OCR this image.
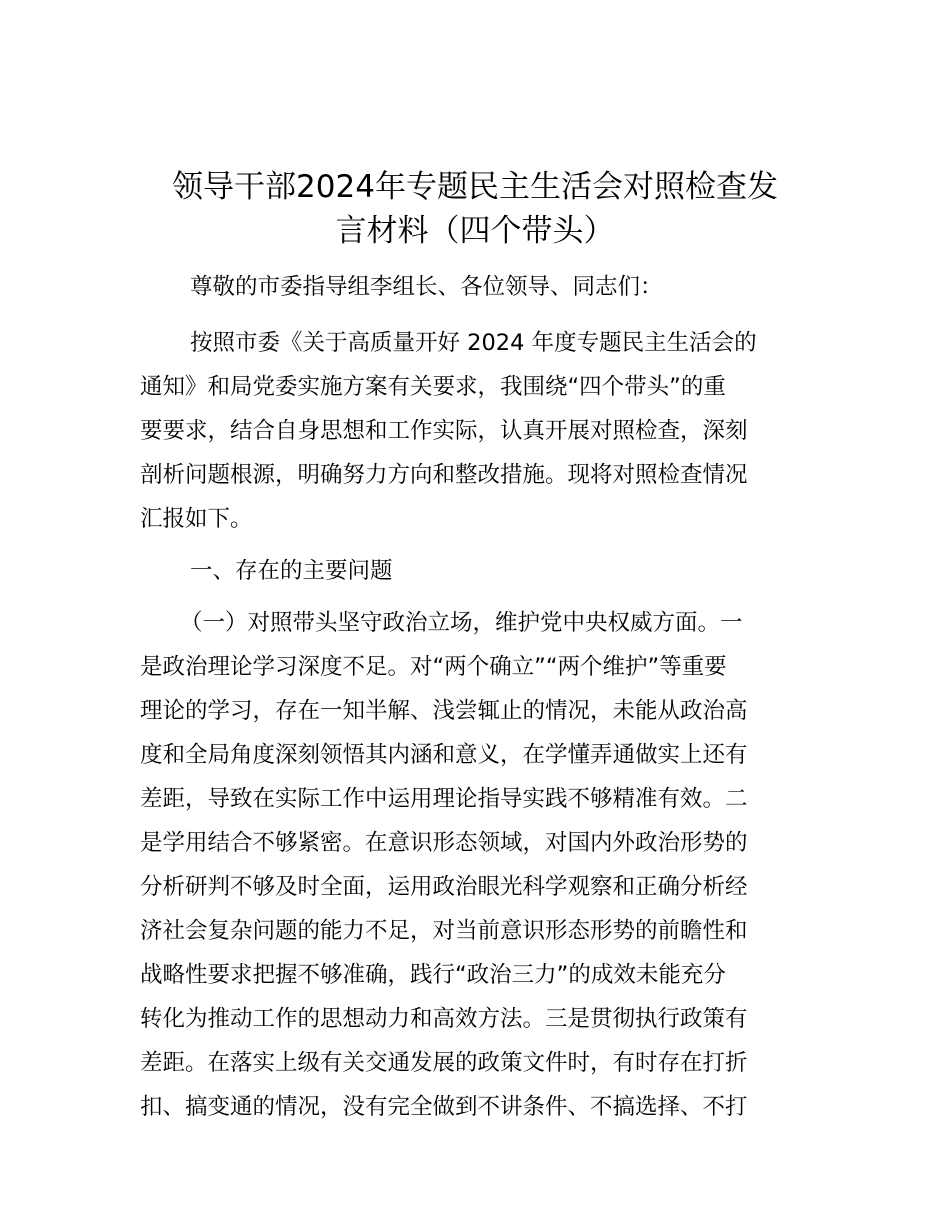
领导干部2024年专题民主生活会对照检查发
言材料（四个带头）
尊敬的市委指导组李组长、各位领导、同志们：
按照市委《关于高质量开好 2024 年度专题民主生活会的
通知》和局党委实施方案有关要求，我围绕“四个带头”的重
要要求，结合自身思想和工作实际，认真开展对照检查，深刻
剖析问题根源，明确努力方向和整改措施。现将对照检查情况
汇报如下。
一、存在的主要问题
（一）对照带头坚守政治立场，维护党中央权威方面。一
是政治理论学习深度不足。对“两个确立”“两个维护”等重要
理论的学习，存在一知半解、浅尝辄止的情况，未能从政治高
度和全局角度深刻领悟其内涵和意义，在学懂弄通做实上还有
差距，导致在实际工作中运用理论指导实践不够精准有效。二
是学用结合不够紧密。在意识形态领域，对国内外政治形势的
分析研判不够及时全面，运用政治眼光科学观察和正确分析经
济社会复杂问题的能力不足，对当前意识形态形势的前瞻性和
战略性要求把握不够准确，践行“政治三力”的成效未能充分
转化为推动工作的思想动力和高效方法。三是贯彻执行政策有
差距。在落实上级有关交通发展的政策文件时，有时存在打折
扣、搞变通的情况，没有完全做到不讲条件、不搞选择、不打
